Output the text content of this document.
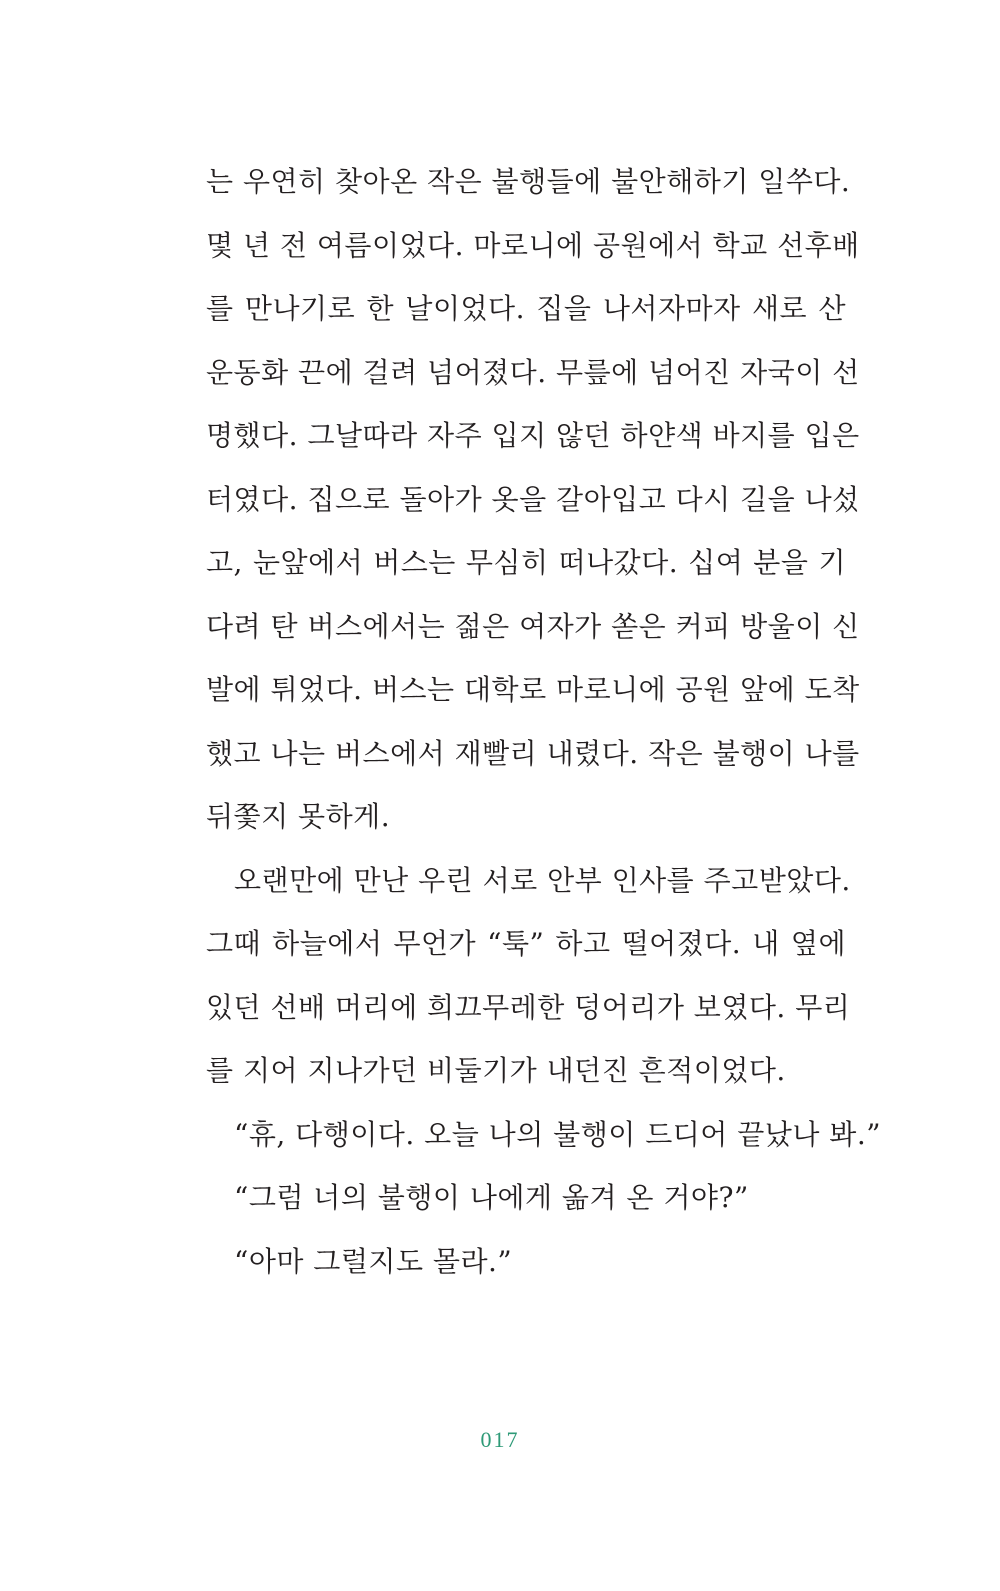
는 우연히 찾아온 작은 불행들에 불안해하기 일쑤다.
몇 년 전 여름이었다. 마로니에 공원에서 학교 선후배
를 만나기로 한 날이었다. 집을 나서자마자 새로 산
운동화 끈에 걸려 넘어졌다. 무릎에 넘어진 자국이 선
명했다. 그날따라 자주 입지 않던 하얀색 바지를 입은
터였다. 집으로 돌아가 옷을 갈아입고 다시 길을 나섰
고, 눈앞에서 버스는 무심히 떠나갔다. 십여 분을 기
다려 탄 버스에서는 젊은 여자가 쏟은 커피 방울이 신
발에 튀었다. 버스는 대학로 마로니에 공원 앞에 도착
했고 나는 버스에서 재빨리 내렸다. 작은 불행이 나를
뒤쫓지 못하게.
오랜만에 만난 우린 서로 안부 인사를 주고받았다.
그때 하늘에서 무언가 “툭” 하고 떨어졌다. 내 옆에
있던 선배 머리에 희끄무레한 덩어리가 보였다. 무리
를 지어 지나가던 비둘기가 내던진 흔적이었다.
“휴, 다행이다. 오늘 나의 불행이 드디어 끝났나 봐.”
“그럼 너의 불행이 나에게 옮겨 온 거야?”
“아마 그럴지도 몰라.”
017
